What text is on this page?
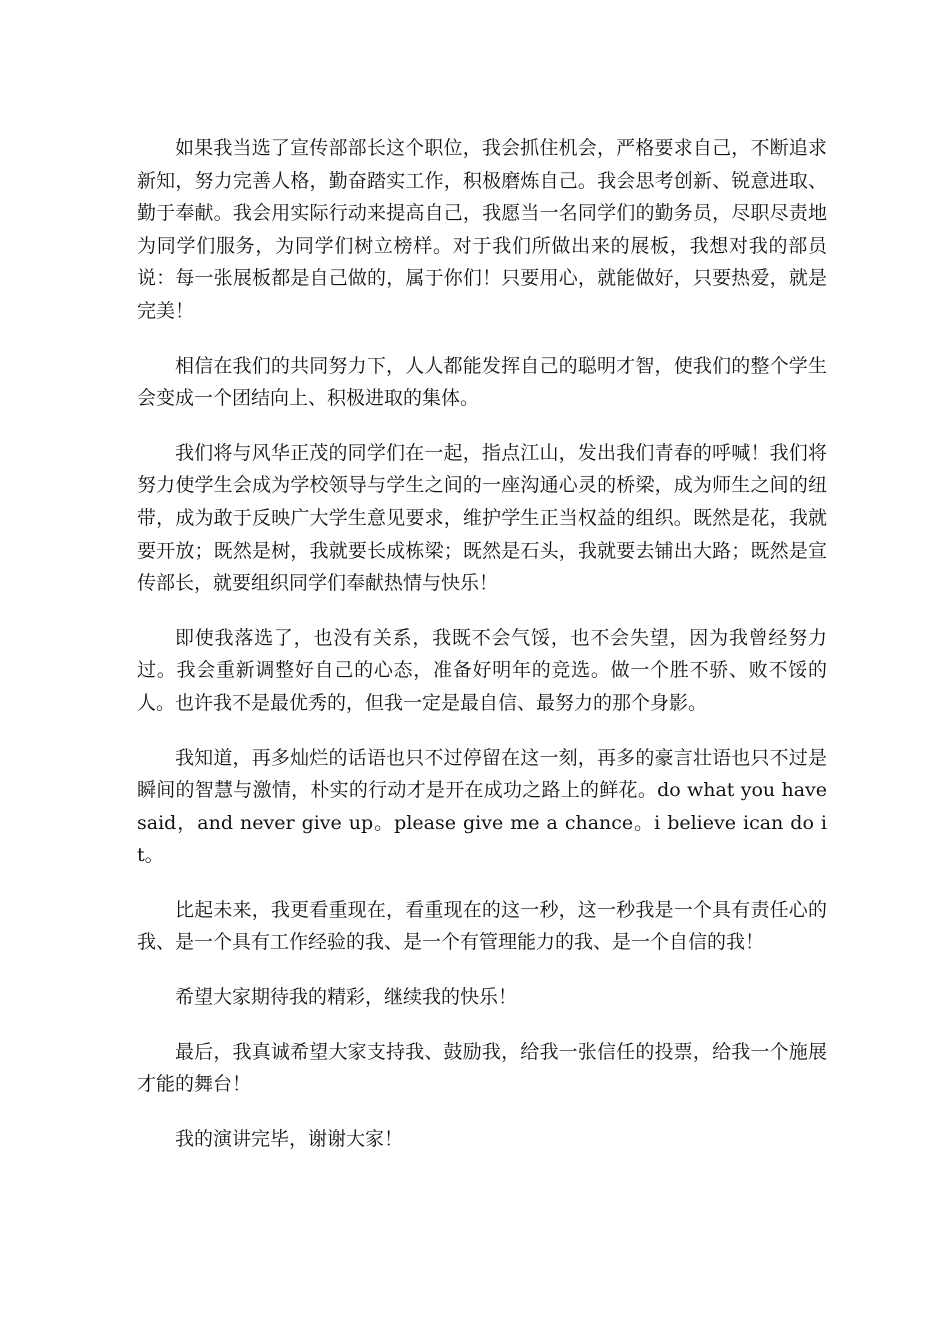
如果我当选了宣传部部长这个职位，我会抓住机会，严格要求自己，不断追求新知，努力完善人格，勤奋踏实工作，积极磨炼自己。我会思考创新、锐意进取、勤于奉献。我会用实际行动来提高自己，我愿当一名同学们的勤务员，尽职尽责地为同学们服务，为同学们树立榜样。对于我们所做出来的展板，我想对我的部员说：每一张展板都是自己做的，属于你们！只要用心，就能做好，只要热爱，就是完美！

相信在我们的共同努力下，人人都能发挥自己的聪明才智，使我们的整个学生会变成一个团结向上、积极进取的集体。

我们将与风华正茂的同学们在一起，指点江山，发出我们青春的呼喊！我们将努力使学生会成为学校领导与学生之间的一座沟通心灵的桥梁，成为师生之间的纽带，成为敢于反映广大学生意见要求，维护学生正当权益的组织。既然是花，我就要开放；既然是树，我就要长成栋梁；既然是石头，我就要去铺出大路；既然是宣传部长，就要组织同学们奉献热情与快乐！

即使我落选了，也没有关系，我既不会气馁，也不会失望，因为我曾经努力过。我会重新调整好自己的心态，准备好明年的竞选。做一个胜不骄、败不馁的人。也许我不是最优秀的，但我一定是最自信、最努力的那个身影。

我知道，再多灿烂的话语也只不过停留在这一刻，再多的豪言壮语也只不过是瞬间的智慧与激情，朴实的行动才是开在成功之路上的鲜花。do what you have said，and never give up。please give me a chance。i believe ican do it。

比起未来，我更看重现在，看重现在的这一秒，这一秒我是一个具有责任心的我、是一个具有工作经验的我、是一个有管理能力的我、是一个自信的我！

希望大家期待我的精彩，继续我的快乐！

最后，我真诚希望大家支持我、鼓励我，给我一张信任的投票，给我一个施展才能的舞台！

我的演讲完毕，谢谢大家！
